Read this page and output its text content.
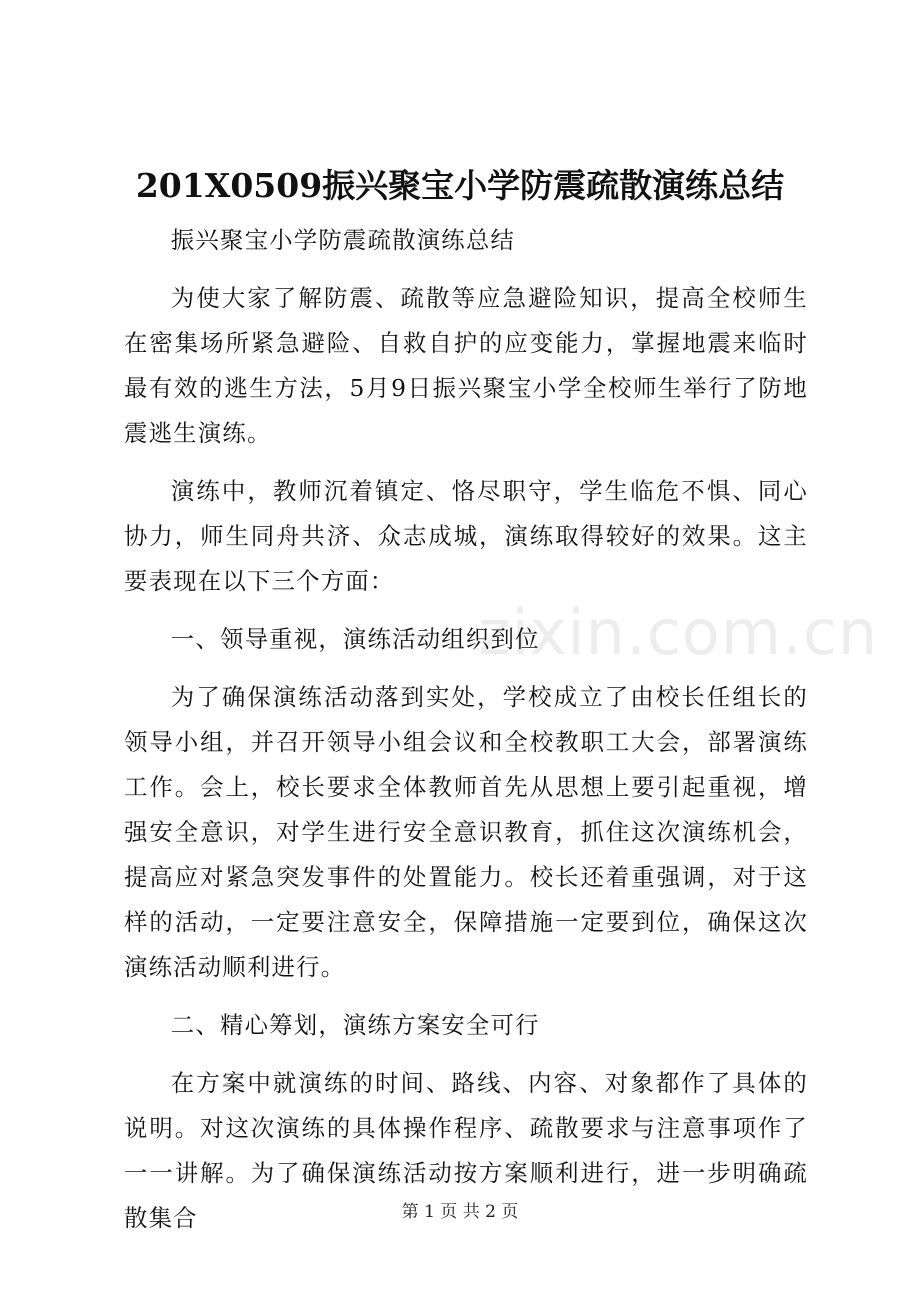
201X0509振兴聚宝小学防震疏散演练总结

振兴聚宝小学防震疏散演练总结

为使大家了解防震、疏散等应急避险知识，提高全校师生在密集场所紧急避险、自救自护的应变能力，掌握地震来临时最有效的逃生方法，5月9日振兴聚宝小学全校师生举行了防地震逃生演练。

演练中，教师沉着镇定、恪尽职守，学生临危不惧、同心协力，师生同舟共济、众志成城，演练取得较好的效果。这主要表现在以下三个方面：

一、领导重视，演练活动组织到位

为了确保演练活动落到实处，学校成立了由校长任组长的领导小组，并召开领导小组会议和全校教职工大会，部署演练工作。会上，校长要求全体教师首先从思想上要引起重视，增强安全意识，对学生进行安全意识教育，抓住这次演练机会，提高应对紧急突发事件的处置能力。校长还着重强调，对于这样的活动，一定要注意安全，保障措施一定要到位，确保这次演练活动顺利进行。

二、精心筹划，演练方案安全可行

在方案中就演练的时间、路线、内容、对象都作了具体的说明。对这次演练的具体操作程序、疏散要求与注意事项作了一一讲解。为了确保演练活动按方案顺利进行，进一步明确疏散集合

zixin.com.cn
第 1 页 共 2 页
